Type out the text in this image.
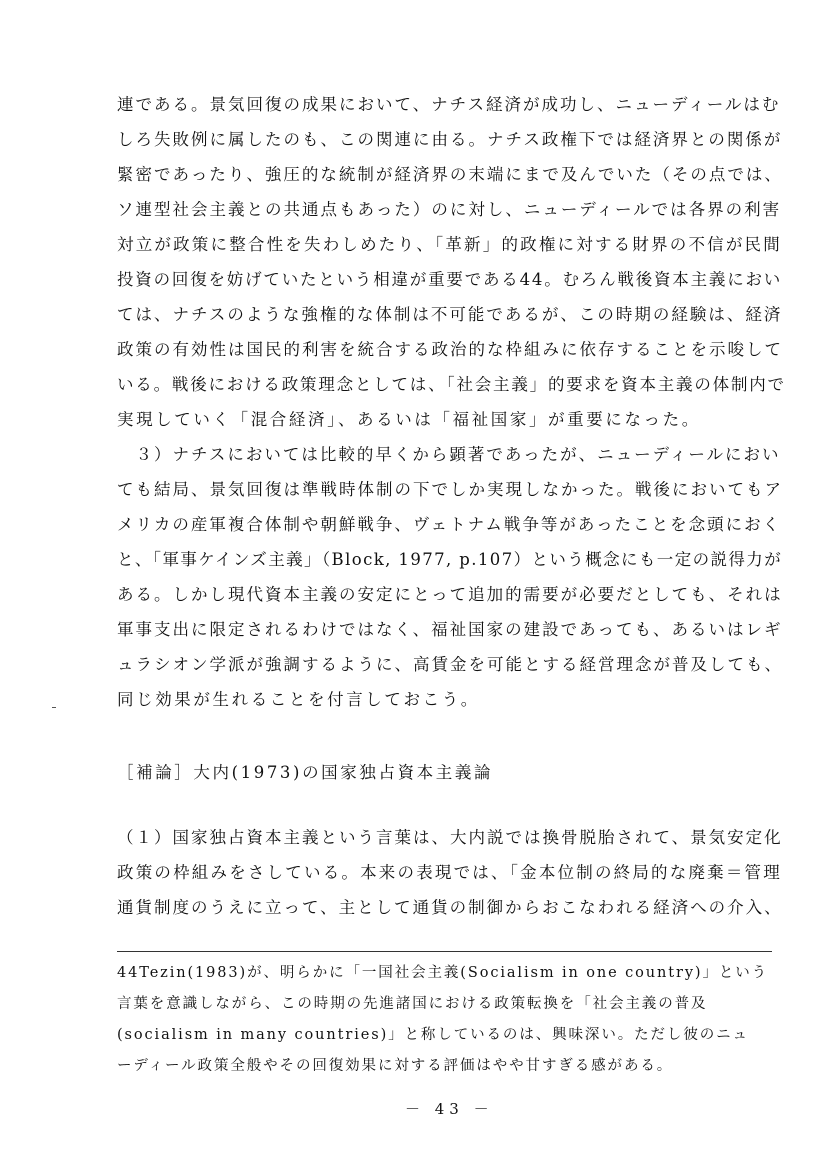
連である。景気回復の成果において、ナチス経済が成功し、ニューディールはむ
しろ失敗例に属したのも、この関連に由る。ナチス政権下では経済界との関係が
緊密であったり、強圧的な統制が経済界の末端にまで及んでいた（その点では、
ソ連型社会主義との共通点もあった）のに対し、ニューディールでは各界の利害
対立が政策に整合性を失わしめたり、「革新」的政権に対する財界の不信が民間
投資の回復を妨げていたという相違が重要である44。むろん戦後資本主義におい
ては、ナチスのような強権的な体制は不可能であるが、この時期の経験は、経済
政策の有効性は国民的利害を統合する政治的な枠組みに依存することを示唆して
いる。戦後における政策理念としては、「社会主義」的要求を資本主義の体制内で
実現していく「混合経済」、あるいは「福祉国家」が重要になった。
　３）ナチスにおいては比較的早くから顕著であったが、ニューディールにおい
ても結局、景気回復は準戦時体制の下でしか実現しなかった。戦後においてもア
メリカの産軍複合体制や朝鮮戦争、ヴェトナム戦争等があったことを念頭におく
と、「軍事ケインズ主義」（Block, 1977, p.107）という概念にも一定の説得力が
ある。しかし現代資本主義の安定にとって追加的需要が必要だとしても、それは
軍事支出に限定されるわけではなく、福祉国家の建設であっても、あるいはレギ
ュラシオン学派が強調するように、高賃金を可能とする経営理念が普及しても、
同じ効果が生れることを付言しておこう。
［補論］大内(1973)の国家独占資本主義論
（１）国家独占資本主義という言葉は、大内説では換骨脱胎されて、景気安定化
政策の枠組みをさしている。本来の表現では、「金本位制の終局的な廃棄＝管理
通貨制度のうえに立って、主として通貨の制御からおこなわれる経済への介入、
44Tezin(1983)が、明らかに「一国社会主義(Socialism in one country)」という
言葉を意識しながら、この時期の先進諸国における政策転換を「社会主義の普及
(socialism in many countries)」と称しているのは、興味深い。ただし彼のニュ
ーディール政策全般やその回復効果に対する評価はやや甘すぎる感がある。
－ 43 －
